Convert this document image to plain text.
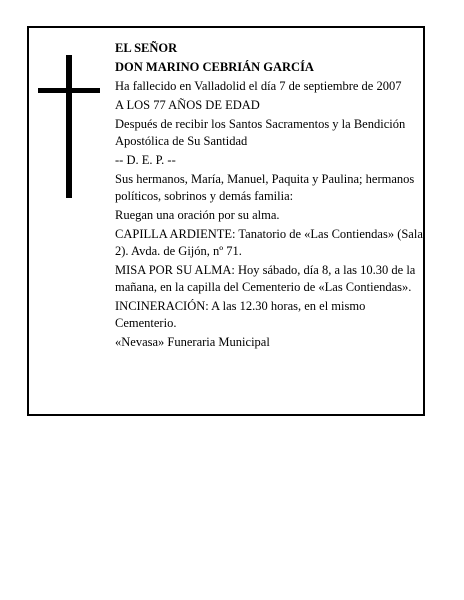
EL SEÑOR

DON MARINO CEBRIÁN GARCÍA

Ha fallecido en Valladolid el día 7 de septiembre de 2007

A LOS 77 AÑOS DE EDAD

Después de recibir los Santos Sacramentos y la Bendición Apostólica de Su Santidad

-- D. E. P. --

Sus hermanos, María, Manuel, Paquita y Paulina; hermanos políticos, sobrinos y demás familia:

Ruegan una oración por su alma.

CAPILLA ARDIENTE: Tanatorio de «Las Contiendas» (Sala 2). Avda. de Gijón, nº 71.

MISA POR SU ALMA: Hoy sábado, día 8, a las 10.30 de la mañana, en la capilla del Cementerio de «Las Contiendas».

INCINERACIÓN: A las 12.30 horas, en el mismo Cementerio.

«Nevasa» Funeraria Municipal
